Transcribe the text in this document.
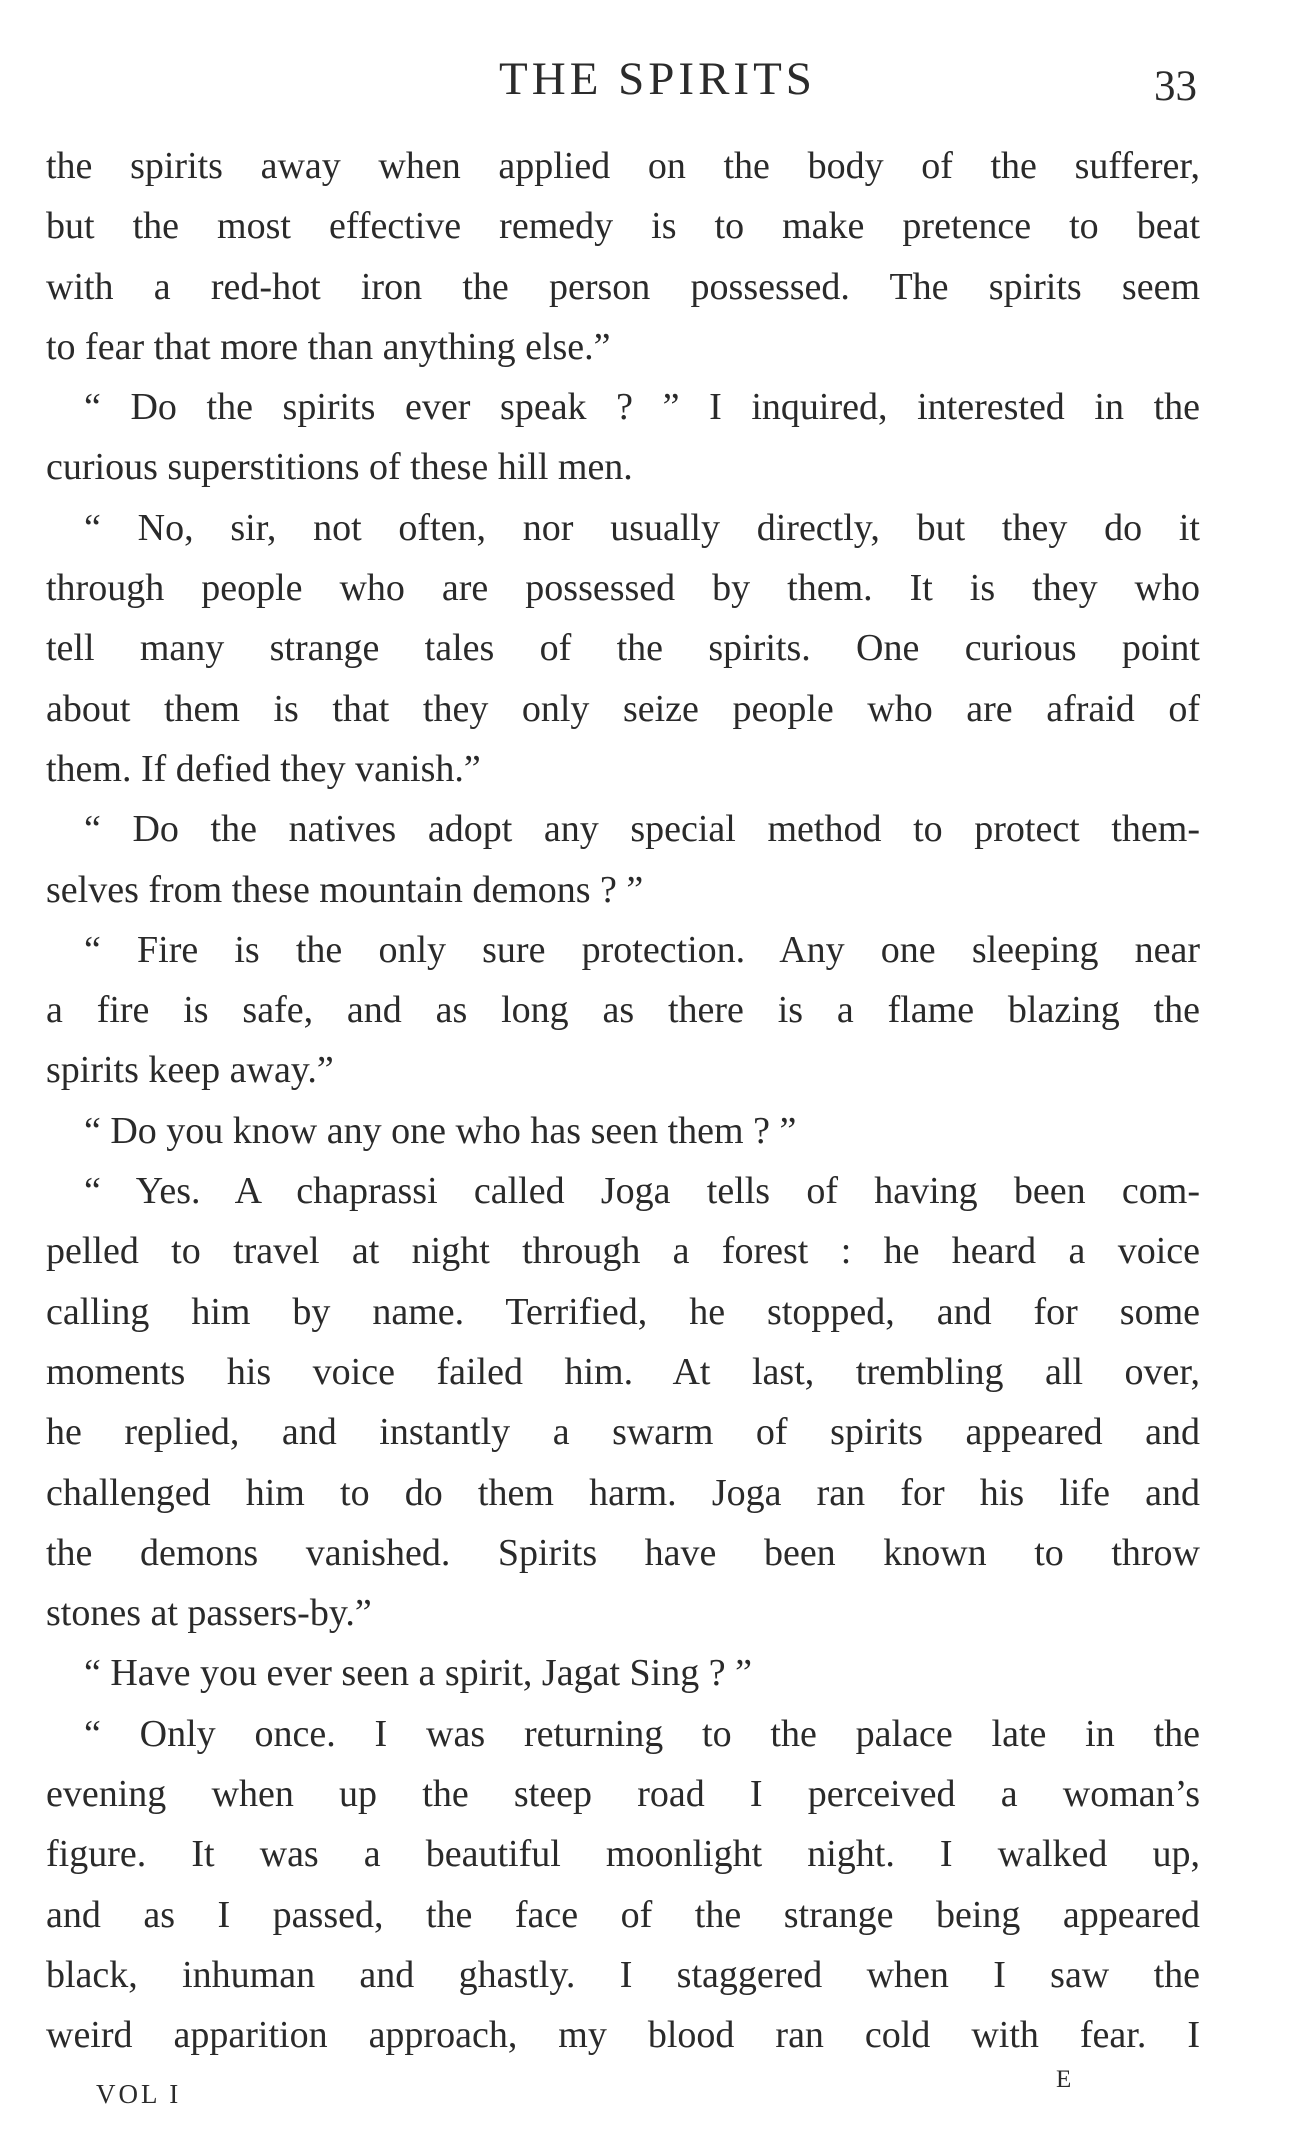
THE SPIRITS	33
the spirits away when applied on the body of the sufferer,
but the most effective remedy is to make pretence to beat
with a red-hot iron the person possessed. The spirits seem
to fear that more than anything else.”
“ Do the spirits ever speak ? ” I inquired, interested in the
curious superstitions of these hill men.
“ No, sir, not often, nor usually directly, but they do it
through people who are possessed by them. It is they who
tell many strange tales of the spirits. One curious point
about them is that they only seize people who are afraid of
them. If defied they vanish.”
“ Do the natives adopt any special method to protect them-
selves from these mountain demons ? ”
“ Fire is the only sure protection. Any one sleeping near
a fire is safe, and as long as there is a flame blazing the
spirits keep away.”
“ Do you know any one who has seen them ? ”
“ Yes. A chaprassi called Joga tells of having been com-
pelled to travel at night through a forest : he heard a voice
calling him by name. Terrified, he stopped, and for some
moments his voice failed him. At last, trembling all over,
he replied, and instantly a swarm of spirits appeared and
challenged him to do them harm. Joga ran for his life and
the demons vanished. Spirits have been known to throw
stones at passers-by.”
“ Have you ever seen a spirit, Jagat Sing ? ”
“ Only once. I was returning to the palace late in the
evening when up the steep road I perceived a woman’s
figure. It was a beautiful moonlight night. I walked up,
and as I passed, the face of the strange being appeared
black, inhuman and ghastly. I staggered when I saw the
weird apparition approach, my blood ran cold with fear. I
VOL I	E
